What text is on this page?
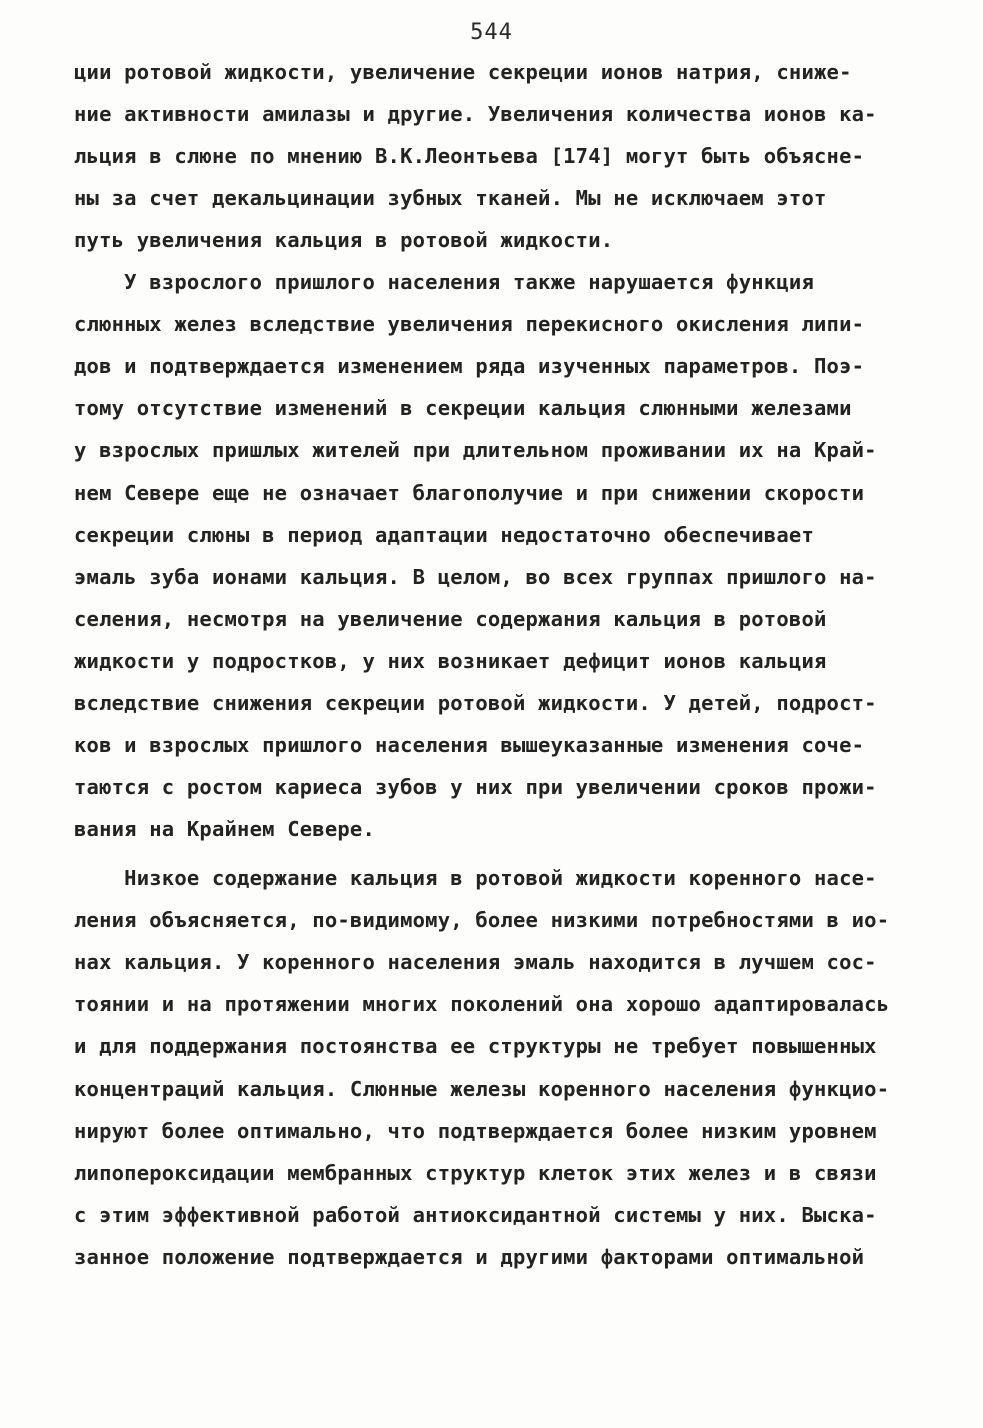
544
ции ротовой жидкости, увеличение секреции ионов натрия, сниже-
ние активности амилазы и другие. Увеличения количества ионов ка-
льция в слюне по мнению В.К.Леонтьева [174] могут быть объясне-
ны за счет декальцинации зубных тканей. Мы не исключаем этот
путь увеличения кальция в ротовой жидкости.
У взрослого пришлого населения также нарушается функция
слюнных желез вследствие увеличения перекисного окисления липи-
дов и подтверждается изменением ряда изученных параметров. Поэ-
тому отсутствие изменений в секреции кальция слюнными железами
у взрослых пришлых жителей при длительном проживании их на Край-
нем Севере еще не означает благополучие и при снижении скорости
секреции слюны в период адаптации недостаточно обеспечивает
эмаль зуба ионами кальция. В целом, во всех группах пришлого на-
селения, несмотря на увеличение содержания кальция в ротовой
жидкости у подростков, у них возникает дефицит ионов кальция
вследствие снижения секреции ротовой жидкости. У детей, подрост-
ков и взрослых пришлого населения вышеуказанные изменения соче-
таются с ростом кариеса зубов у них при увеличении сроков прожи-
вания на Крайнем Севере.
Низкое содержание кальция в ротовой жидкости коренного насе-
ления объясняется, по-видимому, более низкими потребностями в ио-
нах кальция. У коренного населения эмаль находится в лучшем сос-
тоянии и на протяжении многих поколений она хорошо адаптировалась
и для поддержания постоянства ее структуры не требует повышенных
концентраций кальция. Слюнные железы коренного населения функцио-
нируют более оптимально, что подтверждается более низким уровнем
липопероксидации мембранных структур клеток этих желез и в связи
с этим эффективной работой антиоксидантной системы у них. Выска-
занное положение подтверждается и другими факторами оптимальной
